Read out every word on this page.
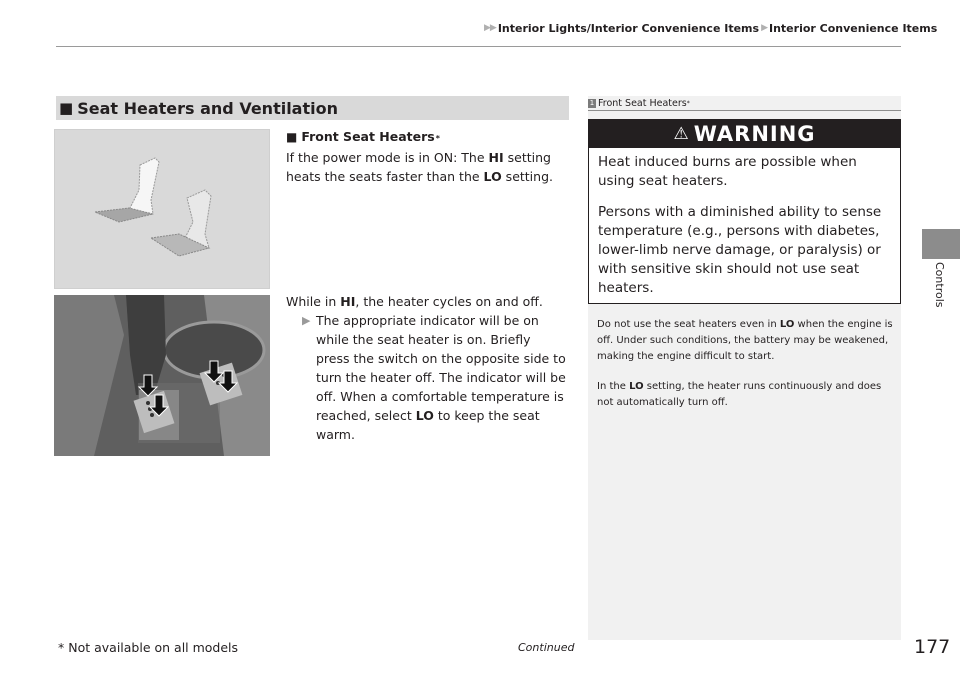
▶▶ Interior Lights/Interior Convenience Items ▶ Interior Convenience Items
Controls
■ Seat Heaters and Ventilation
■ Front Seat Heaters *

If the power mode is in ON: The HI setting heats the seats faster than the LO setting.

While in HI, the heater cycles on and off.

▶ The appropriate indicator will be on while the seat heater is on. Briefly press the switch on the opposite side to turn the heater off. The indicator will be off. When a comfortable temperature is reached, select LO to keep the seat warm.
1 Front Seat Heaters *
⚠ WARNING

Heat induced burns are possible when using seat heaters.

Persons with a diminished ability to sense temperature (e.g., persons with diabetes, lower-limb nerve damage, or paralysis) or with sensitive skin should not use seat heaters.

Do not use the seat heaters even in LO when the engine is off. Under such conditions, the battery may be weakened, making the engine difficult to start.

In the LO setting, the heater runs continuously and does not automatically turn off.

* Not available on all models	Continued	177
